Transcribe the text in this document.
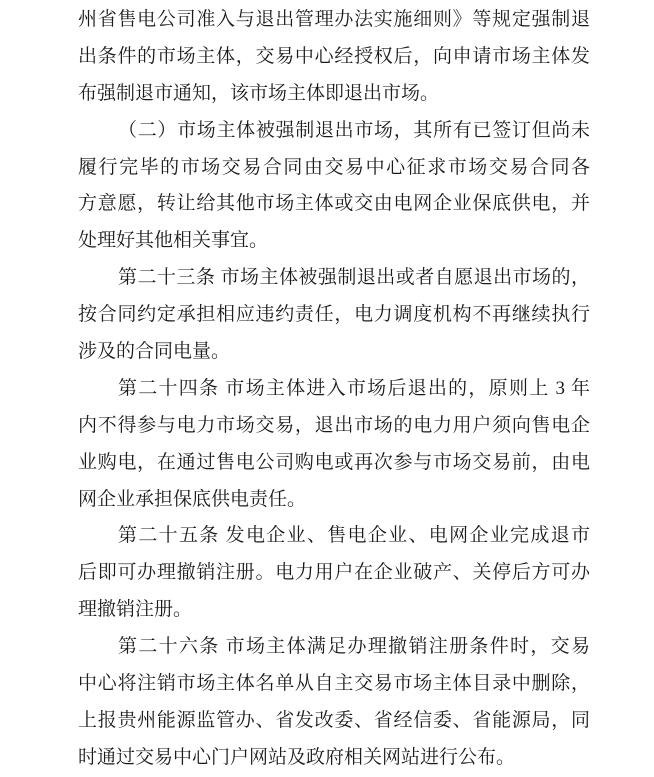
州省售电公司准入与退出管理办法实施细则》等规定强制退
出条件的市场主体，交易中心经授权后，向申请市场主体发
布强制退市通知，该市场主体即退出市场。
（二）市场主体被强制退出市场，其所有已签订但尚未
履行完毕的市场交易合同由交易中心征求市场交易合同各
方意愿，转让给其他市场主体或交由电网企业保底供电，并
处理好其他相关事宜。
第二十三条 市场主体被强制退出或者自愿退出市场的，
按合同约定承担相应违约责任，电力调度机构不再继续执行
涉及的合同电量。
第二十四条 市场主体进入市场后退出的，原则上 3 年
内不得参与电力市场交易，退出市场的电力用户须向售电企
业购电，在通过售电公司购电或再次参与市场交易前，由电
网企业承担保底供电责任。
第二十五条 发电企业、售电企业、电网企业完成退市
后即可办理撤销注册。电力用户在企业破产、关停后方可办
理撤销注册。
第二十六条 市场主体满足办理撤销注册条件时，交易
中心将注销市场主体名单从自主交易市场主体目录中删除，
上报贵州能源监管办、省发改委、省经信委、省能源局，同
时通过交易中心门户网站及政府相关网站进行公布。
